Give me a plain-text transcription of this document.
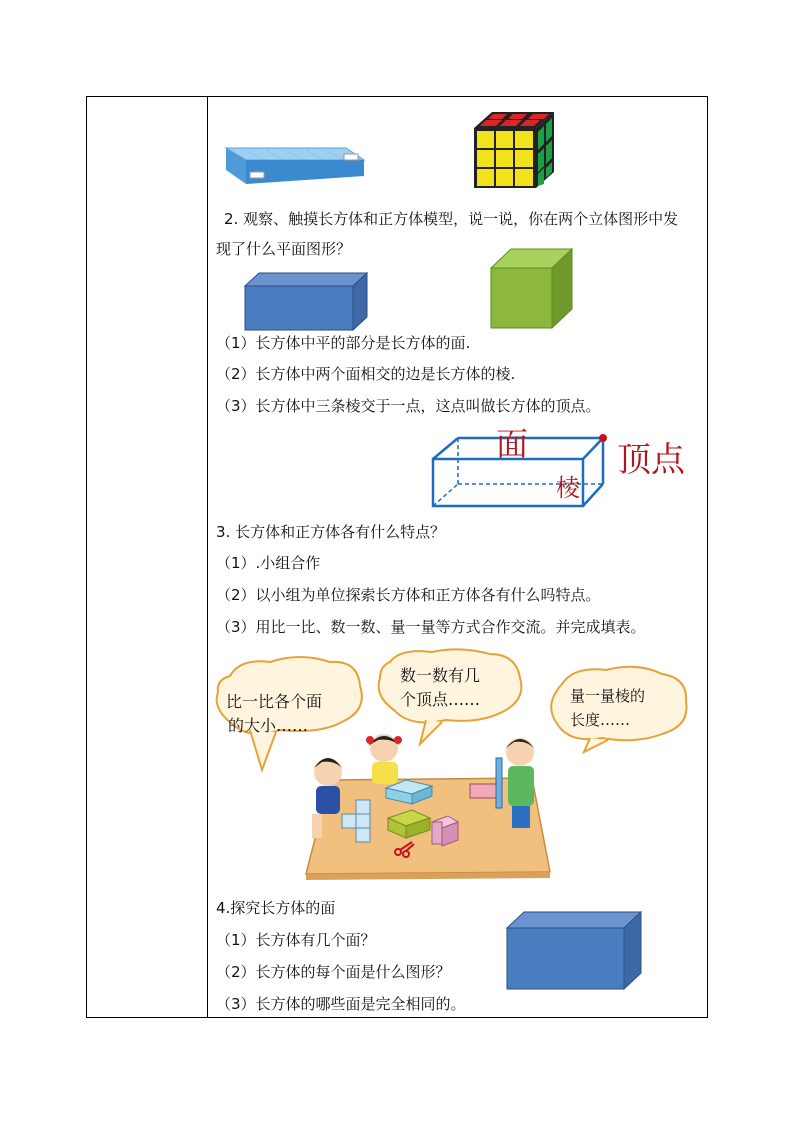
2. 观察、触摸长方体和正方体模型，说一说，你在两个立体图形中发
现了什么平面图形？
（1）长方体中平的部分是长方体的面.
（2）长方体中两个面相交的边是长方体的棱.
（3）长方体中三条棱交于一点，这点叫做长方体的顶点。
面
棱
顶点
3. 长方体和正方体各有什么特点？
（1）.小组合作
（2）以小组为单位探索长方体和正方体各有什么吗特点。
（3）用比一比、数一数、量一量等方式合作交流。并完成填表。
比一比各个面
的大小……
数一数有几
个顶点……	量一量棱的
长度……
4.探究长方体的面
（1）长方体有几个面？
（2）长方体的每个面是什么图形？
（3）长方体的哪些面是完全相同的。
